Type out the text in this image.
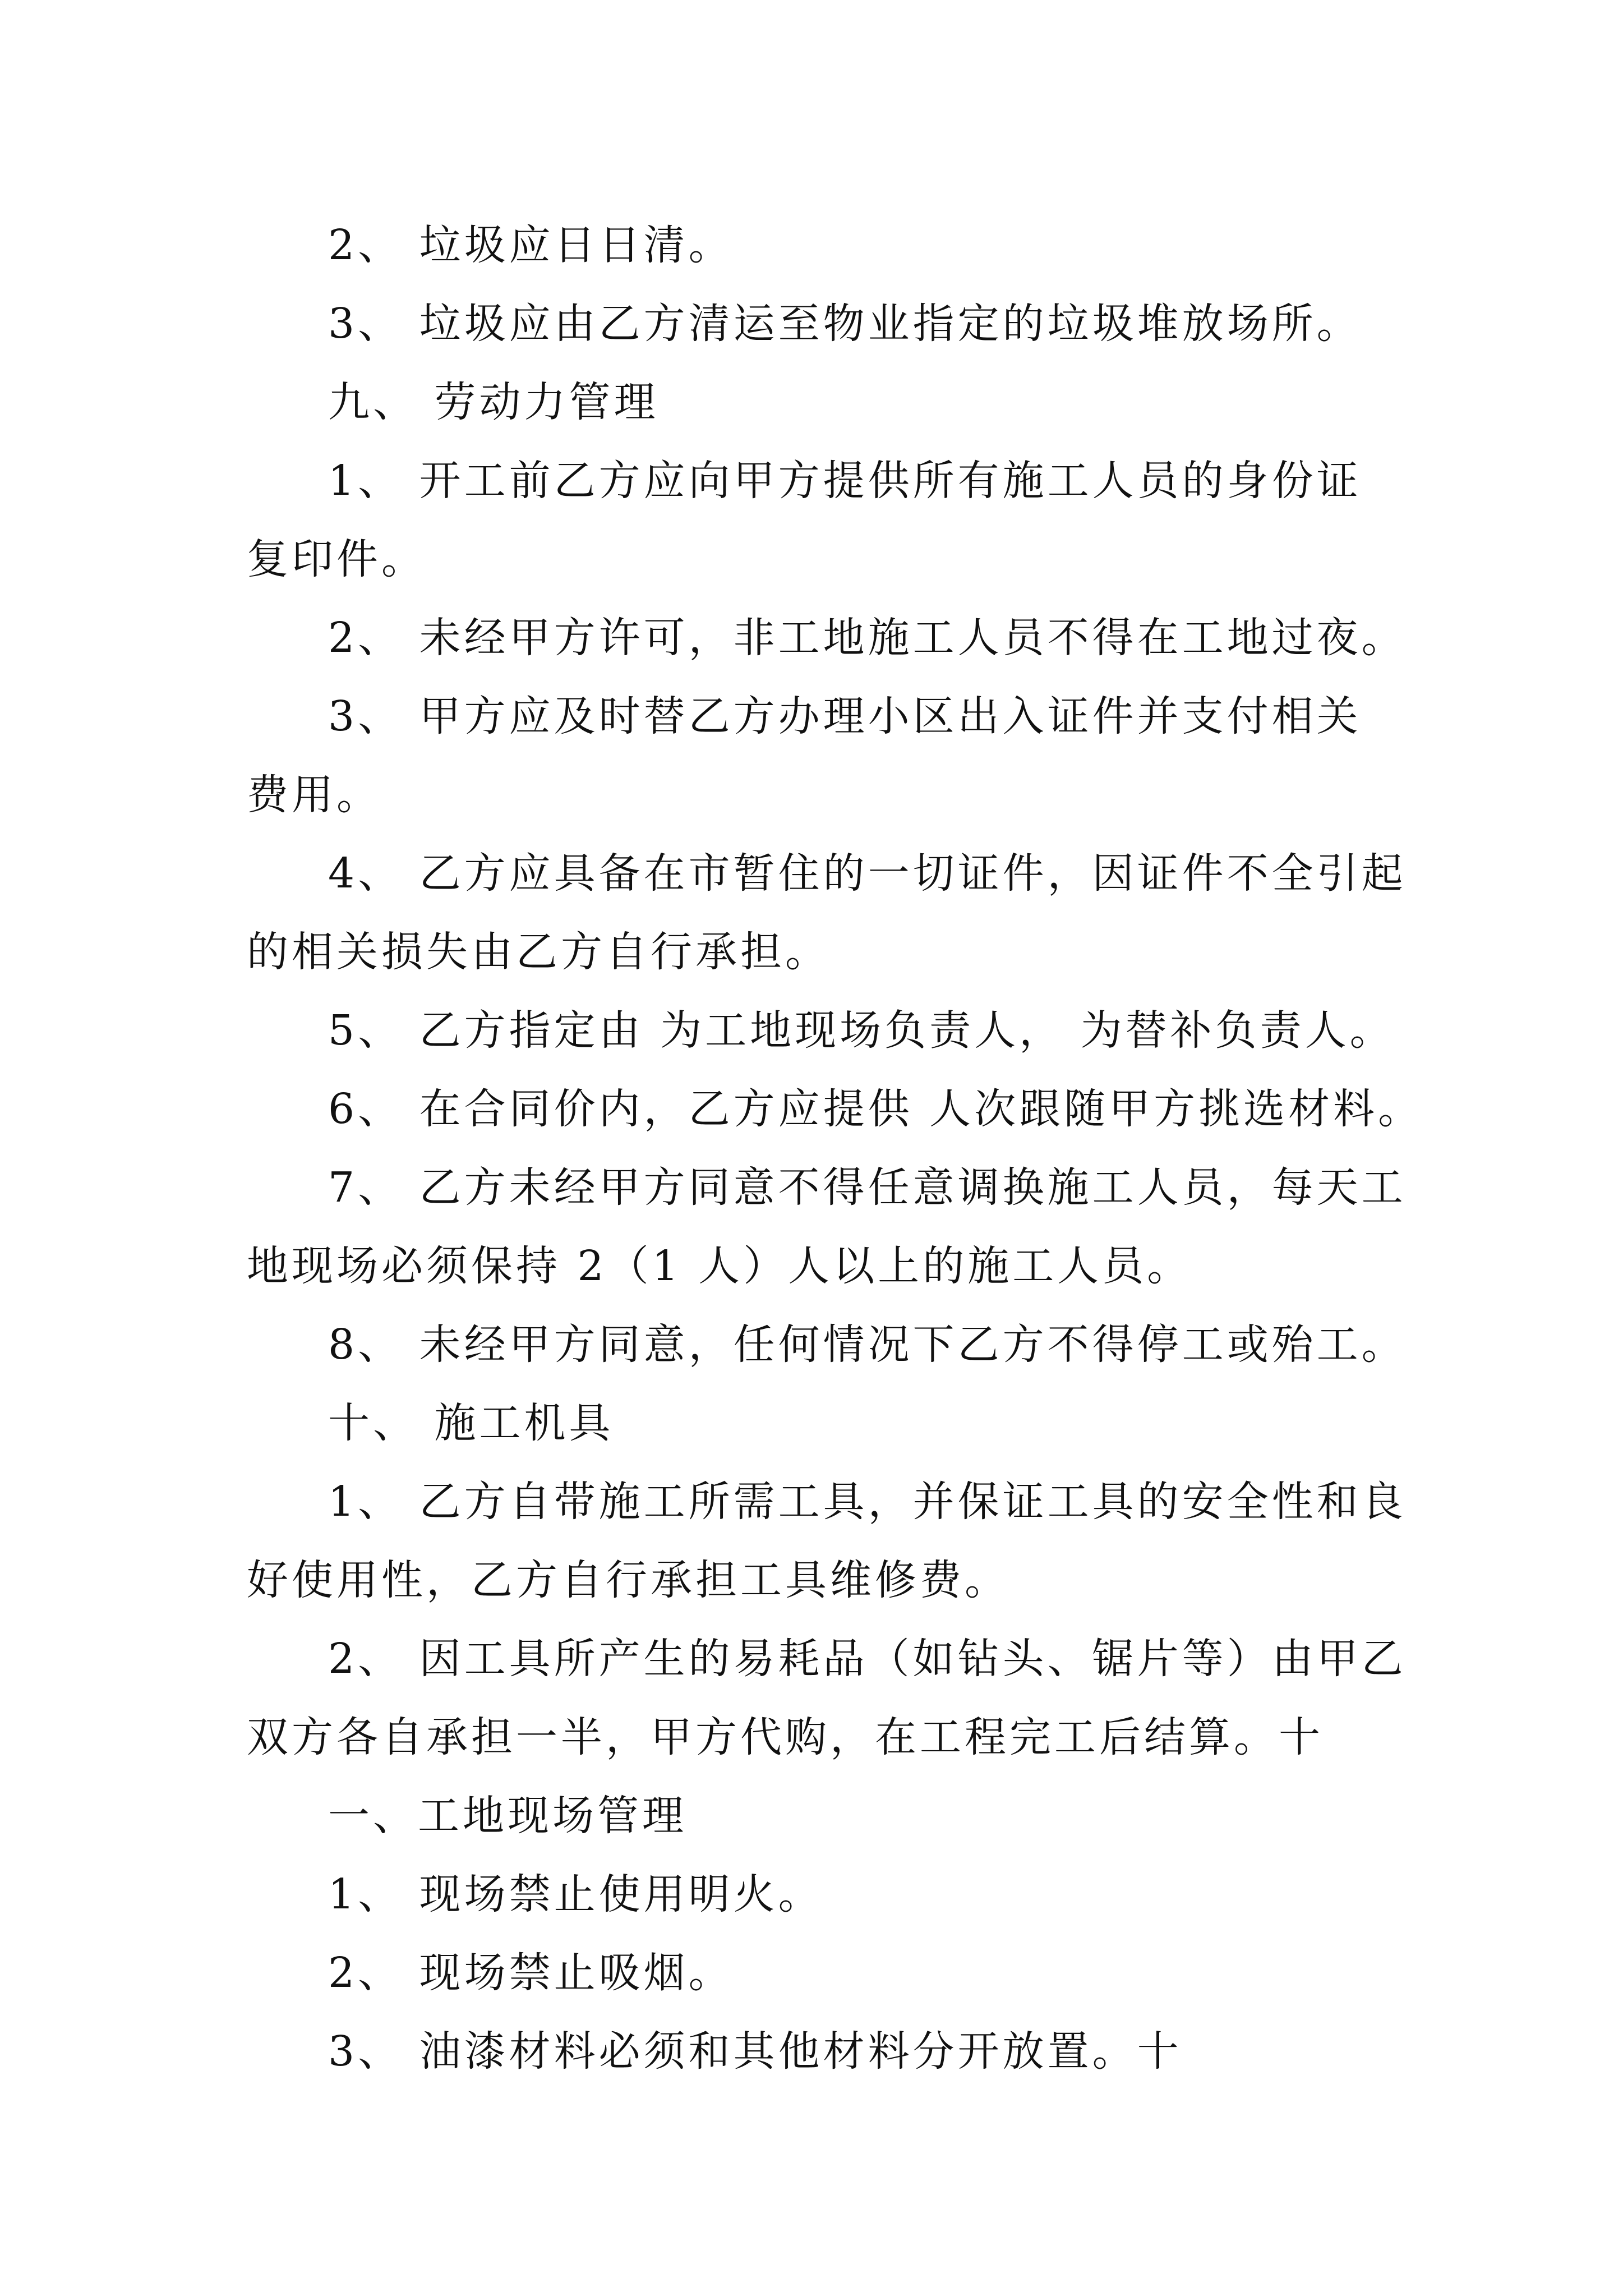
2、 垃圾应日日清。
3、 垃圾应由乙方清运至物业指定的垃圾堆放场所。
九、 劳动力管理
1、 开工前乙方应向甲方提供所有施工人员的身份证
复印件。
2、 未经甲方许可，非工地施工人员不得在工地过夜。
3、 甲方应及时替乙方办理小区出入证件并支付相关
费用。
4、 乙方应具备在市暂住的一切证件，因证件不全引起
的相关损失由乙方自行承担。
5、 乙方指定由 为工地现场负责人， 为替补负责人。
6、 在合同价内，乙方应提供 人次跟随甲方挑选材料。
7、 乙方未经甲方同意不得任意调换施工人员，每天工
地现场必须保持 2（1 人）人以上的施工人员。
8、 未经甲方同意，任何情况下乙方不得停工或殆工。
十、 施工机具
1、 乙方自带施工所需工具，并保证工具的安全性和良
好使用性，乙方自行承担工具维修费。
2、 因工具所产生的易耗品（如钻头、锯片等）由甲乙
双方各自承担一半，甲方代购，在工程完工后结算。十
一、工地现场管理
1、 现场禁止使用明火。
2、 现场禁止吸烟。
3、 油漆材料必须和其他材料分开放置。十
